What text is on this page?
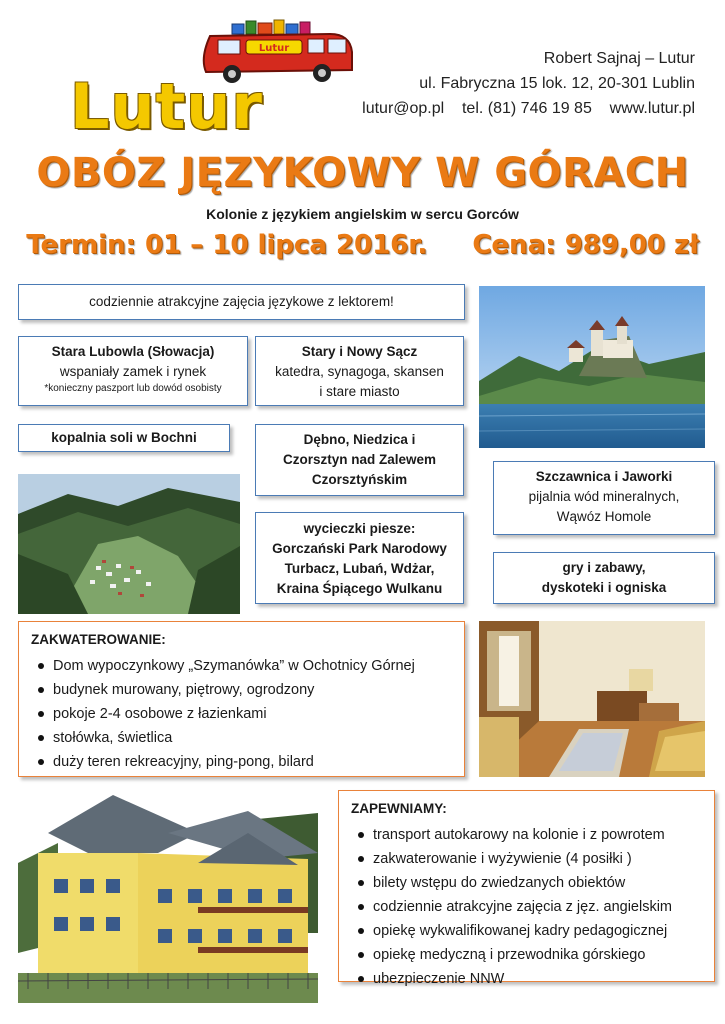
Lutur
Lutur
Robert Sajnaj – Lutur
ul. Fabryczna 15 lok. 12, 20-301 Lublin
lutur@op.pl    tel. (81) 746 19 85    www.lutur.pl
OBÓZ JĘZYKOWY W GÓRACH
Kolonie z językiem angielskim w sercu Gorców
Termin: 01 – 10 lipca 2016r. Cena: 989,00 zł
codziennie atrakcyjne zajęcia językowe z lektorem!
Stara Lubowla (Słowacja)
wspaniały zamek i rynek
*konieczny paszport lub dowód osobisty
Stary i Nowy Sącz
katedra, synagoga, skansen
i stare miasto
kopalnia soli w Bochni	Dębno, Niedzica i
Czorsztyn nad Zalewem
Czorsztyńskim	Szczawnica i Jaworki
pijalnia wód mineralnych,
Wąwóz Homole
wycieczki piesze:
Gorczański Park Narodowy
Turbacz, Lubań, Wdżar,
Kraina Śpiącego Wulkanu
gry i zabawy,
dyskoteki i ogniska
ZAKWATEROWANIE:
Dom wypoczynkowy „Szymanówka” w Ochotnicy Górnej
budynek murowany, piętrowy, ogrodzony
pokoje 2-4 osobowe z łazienkami
stołówka, świetlica
duży teren rekreacyjny, ping-pong, bilard
ZAPEWNIAMY:
transport autokarowy na kolonie i z powrotem
zakwaterowanie i wyżywienie (4 posiłki )
bilety wstępu do zwiedzanych obiektów
codziennie atrakcyjne zajęcia z jęz. angielskim
opiekę wykwalifikowanej kadry pedagogicznej
opiekę medyczną i przewodnika górskiego
ubezpieczenie NNW
